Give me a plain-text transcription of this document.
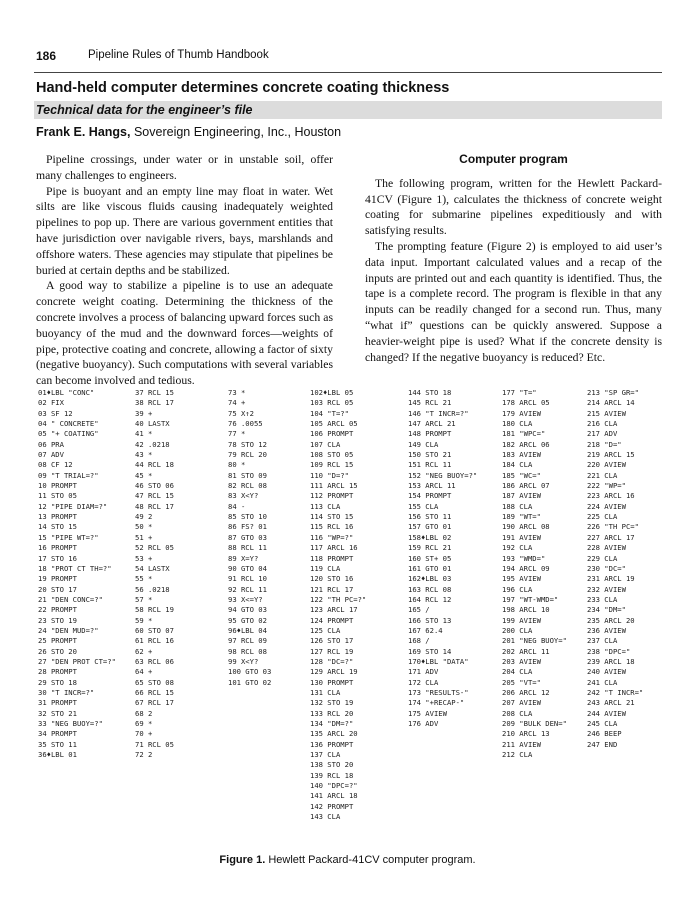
186	Pipeline Rules of Thumb Handbook
Hand-held computer determines concrete coating thickness
Technical data for the engineer’s file
Frank E. Hangs, Sovereign Engineering, Inc., Houston

Pipeline crossings, under water or in unstable soil, offer many challenges to engineers.

Pipe is buoyant and an empty line may float in water. Wet silts are like viscous fluids causing inadequately weighted pipelines to pop up. There are various government entities that have jurisdiction over navigable rivers, bays, marshlands and offshore waters. These agencies may stipulate that pipelines be buried at certain depths and be stabilized.

A good way to stabilize a pipeline is to use an adequate concrete weight coating. Determining the thickness of the concrete involves a process of balancing upward forces such as buoyancy of the mud and the downward forces—weights of pipe, protective coating and concrete, allowing a factor of sixty (negative buoyancy). Such computations with several variables can become involved and tedious.

Computer program

The following program, written for the Hewlett Packard-41CV (Figure 1), calculates the thickness of concrete weight coating for submarine pipelines expeditiously and with satisfying results.

The prompting feature (Figure 2) is employed to aid user’s data input. Important calculated values and a recap of the inputs are printed out and each quantity is identified. Thus, the tape is a complete record. The program is flexible in that any inputs can be readily changed for a second run. Thus, many “what if” questions can be quickly answered. Suppose a heavier-weight pipe is used? What if the concrete density is changed? If the negative buoyancy is reduced? Etc.

01♦LBL "CONC"
02 FIX
03 SF 12
04 " CONCRETE"
05 "+ COATING"
06 PRA
07 ADV
08 CF 12
09 "T TRIAL=?"
10 PROMPT
11 STO 05
12 "PIPE DIAM=?"
13 PROMPT
14 STO 15
15 "PIPE WT=?"
16 PROMPT
17 STO 16
18 "PROT CT TH=?"
19 PROMPT
20 STO 17
21 "DEN CONC=?"
22 PROMPT
23 STO 19
24 "DEN MUD=?"
25 PROMPT
26 STO 20
27 "DEN PROT CT=?"
28 PROMPT
29 STO 18
30 "T INCR=?"
31 PROMPT
32 STO 21
33 "NEG BUOY=?"
34 PROMPT
35 STO 11
36♦LBL 01
37 RCL 15
38 RCL 17
39 +
40 LASTX
41 *
42 .0218
43 *
44 RCL 18
45 *
46 STO 06
47 RCL 15
48 RCL 17
49 2
50 *
51 +
52 RCL 05
53 +
54 LASTX
55 *
56 .0218
57 *
58 RCL 19
59 *
60 STO 07
61 RCL 16
62 +
63 RCL 06
64 +
65 STO 08
66 RCL 15
67 RCL 17
68 2
69 *
70 +
71 RCL 05
72 2
73 *
74 +
75 X↑2
76 .0055
77 *
78 STO 12
79 RCL 20
80 *
81 STO 09
82 RCL 08
83 X<Y?
84 -
85 STO 10
86 FS? 01
87 GTO 03
88 RCL 11
89 X=Y?
90 GTO 04
91 RCL 10
92 RCL 11
93 X<=Y?
94 GTO 03
95 GTO 02
96♦LBL 04
97 RCL 09
98 RCL 08
99 X<Y?
100 GTO 03
101 GTO 02
102♦LBL 05
103 RCL 05
104 "T=?"
105 ARCL 05
106 PROMPT
107 CLA
108 STO 05
109 RCL 15
110 "D=?"
111 ARCL 15
112 PROMPT
113 CLA
114 STO 15
115 RCL 16
116 "WP=?"
117 ARCL 16
118 PROMPT
119 CLA
120 STO 16
121 RCL 17
122 "TH PC=?"
123 ARCL 17
124 PROMPT
125 CLA
126 STO 17
127 RCL 19
128 "DC=?"
129 ARCL 19
130 PROMPT
131 CLA
132 STO 19
133 RCL 20
134 "DM=?"
135 ARCL 20
136 PROMPT
137 CLA
138 STO 20
139 RCL 18
140 "DPC=?"
141 ARCL 18
142 PROMPT
143 CLA
144 STO 18
145 RCL 21
146 "T INCR=?"
147 ARCL 21
148 PROMPT
149 CLA
150 STO 21
151 RCL 11
152 "NEG BUOY=?"
153 ARCL 11
154 PROMPT
155 CLA
156 STO 11
157 GTO 01
158♦LBL 02
159 RCL 21
160 ST+ 05
161 GTO 01
162♦LBL 03
163 RCL 08
164 RCL 12
165 /
166 STO 13
167 62.4
168 /
169 STO 14
170♦LBL "DATA"
171 ADV
172 CLA
173 "RESULTS-"
174 "+RECAP-"
175 AVIEW
176 ADV
177 "T="
178 ARCL 05
179 AVIEW
180 CLA
181 "WPC="
182 ARCL 06
183 AVIEW
184 CLA
185 "WC="
186 ARCL 07
187 AVIEW
188 CLA
189 "WT="
190 ARCL 08
191 AVIEW
192 CLA
193 "WMD="
194 ARCL 09
195 AVIEW
196 CLA
197 "WT-WMD="
198 ARCL 10
199 AVIEW
200 CLA
201 "NEG BUOY="
202 ARCL 11
203 AVIEW
204 CLA
205 "VT="
206 ARCL 12
207 AVIEW
208 CLA
209 "BULK DEN="
210 ARCL 13
211 AVIEW
212 CLA
213 "SP GR="
214 ARCL 14
215 AVIEW
216 CLA
217 ADV
218 "D="
219 ARCL 15
220 AVIEW
221 CLA
222 "WP="
223 ARCL 16
224 AVIEW
225 CLA
226 "TH PC="
227 ARCL 17
228 AVIEW
229 CLA
230 "DC="
231 ARCL 19
232 AVIEW
233 CLA
234 "DM="
235 ARCL 20
236 AVIEW
237 CLA
238 "DPC="
239 ARCL 18
240 AVIEW
241 CLA
242 "T INCR="
243 ARCL 21
244 AVIEW
245 CLA
246 BEEP
247 END
Figure 1. Hewlett Packard-41CV computer program.
